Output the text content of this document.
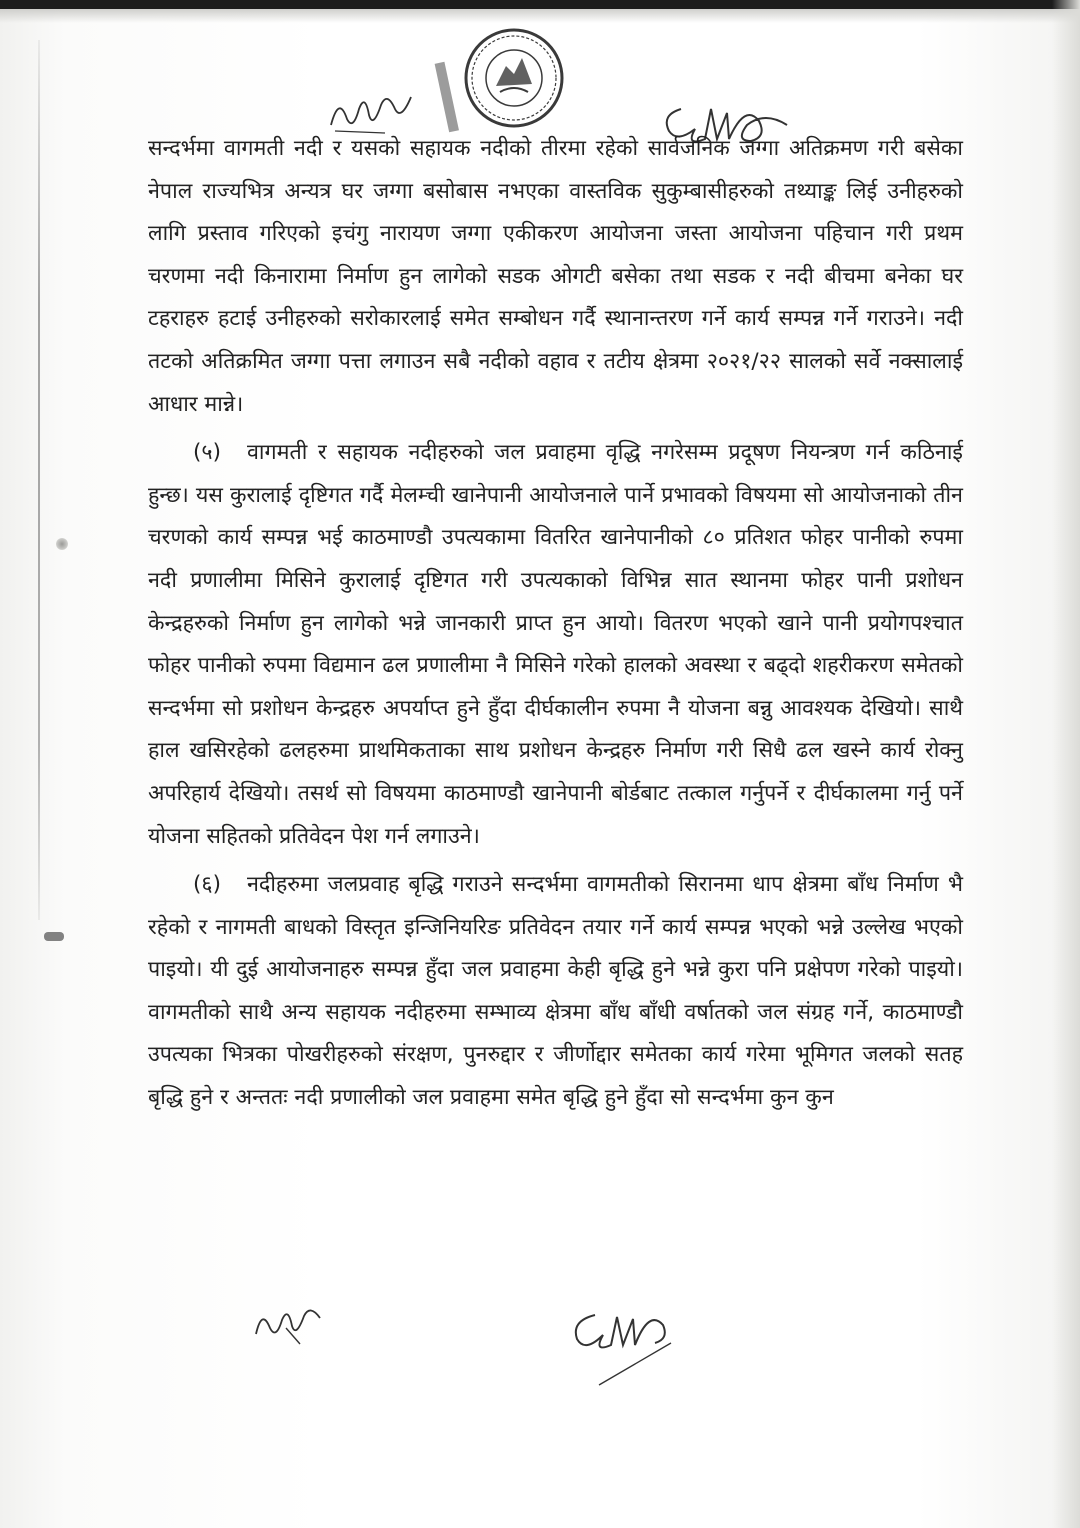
सन्दर्भमा वागमती नदी र यसको सहायक नदीको तीरमा रहेको सार्वजनिक जग्गा अतिक्रमण गरी बसेका नेपाल राज्यभित्र अन्यत्र घर जग्गा बसोबास नभएका वास्तविक सुकुम्बासीहरुको तथ्याङ्क लिई उनीहरुको लागि प्रस्ताव गरिएको इचंगु नारायण जग्गा एकीकरण आयोजना जस्ता आयोजना पहिचान गरी प्रथम चरणमा नदी किनारामा निर्माण हुन लागेको सडक ओगटी बसेका तथा सडक र नदी बीचमा बनेका घर टहराहरु हटाई उनीहरुको सरोकारलाई समेत सम्बोधन गर्दै स्थानान्तरण गर्ने कार्य सम्पन्न गर्ने गराउने। नदी तटको अतिक्रमित जग्गा पत्ता लगाउन सबै नदीको वहाव र तटीय क्षेत्रमा २०२१/२२ सालको सर्वे नक्सालाई आधार मान्ने।

(५) वागमती र सहायक नदीहरुको जल प्रवाहमा वृद्धि नगरेसम्म प्रदूषण नियन्त्रण गर्न कठिनाई हुन्छ। यस कुरालाई दृष्टिगत गर्दै मेलम्ची खानेपानी आयोजनाले पार्ने प्रभावको विषयमा सो आयोजनाको तीन चरणको कार्य सम्पन्न भई काठमाण्डौ उपत्यकामा वितरित खानेपानीको ८० प्रतिशत फोहर पानीको रुपमा नदी प्रणालीमा मिसिने कुरालाई दृष्टिगत गरी उपत्यकाको विभिन्न सात स्थानमा फोहर पानी प्रशोधन केन्द्रहरुको निर्माण हुन लागेको भन्ने जानकारी प्राप्त हुन आयो। वितरण भएको खाने पानी प्रयोगपश्चात फोहर पानीको रुपमा विद्यमान ढल प्रणालीमा नै मिसिने गरेको हालको अवस्था र बढ्दो शहरीकरण समेतको सन्दर्भमा सो प्रशोधन केन्द्रहरु अपर्याप्त हुने हुँदा दीर्घकालीन रुपमा नै योजना बन्नु आवश्यक देखियो। साथै हाल खसिरहेको ढलहरुमा प्राथमिकताका साथ प्रशोधन केन्द्रहरु निर्माण गरी सिधै ढल खस्ने कार्य रोक्नु अपरिहार्य देखियो। तसर्थ सो विषयमा काठमाण्डौ खानेपानी बोर्डबाट तत्काल गर्नुपर्ने र दीर्घकालमा गर्नु पर्ने योजना सहितको प्रतिवेदन पेश गर्न लगाउने।

(६) नदीहरुमा जलप्रवाह बृद्धि गराउने सन्दर्भमा वागमतीको सिरानमा धाप क्षेत्रमा बाँध निर्माण भै रहेको र नागमती बाधको विस्तृत इन्जिनियरिङ प्रतिवेदन तयार गर्ने कार्य सम्पन्न भएको भन्ने उल्लेख भएको पाइयो। यी दुई आयोजनाहरु सम्पन्न हुँदा जल प्रवाहमा केही बृद्धि हुने भन्ने कुरा पनि प्रक्षेपण गरेको पाइयो। वागमतीको साथै अन्य सहायक नदीहरुमा सम्भाव्य क्षेत्रमा बाँध बाँधी वर्षातको जल संग्रह गर्ने, काठमाण्डौ उपत्यका भित्रका पोखरीहरुको संरक्षण, पुनरुद्दार र जीर्णोद्दार समेतका कार्य गरेमा भूमिगत जलको सतह बृद्धि हुने र अन्ततः नदी प्रणालीको जल प्रवाहमा समेत बृद्धि हुने हुँदा सो सन्दर्भमा कुन कुन
